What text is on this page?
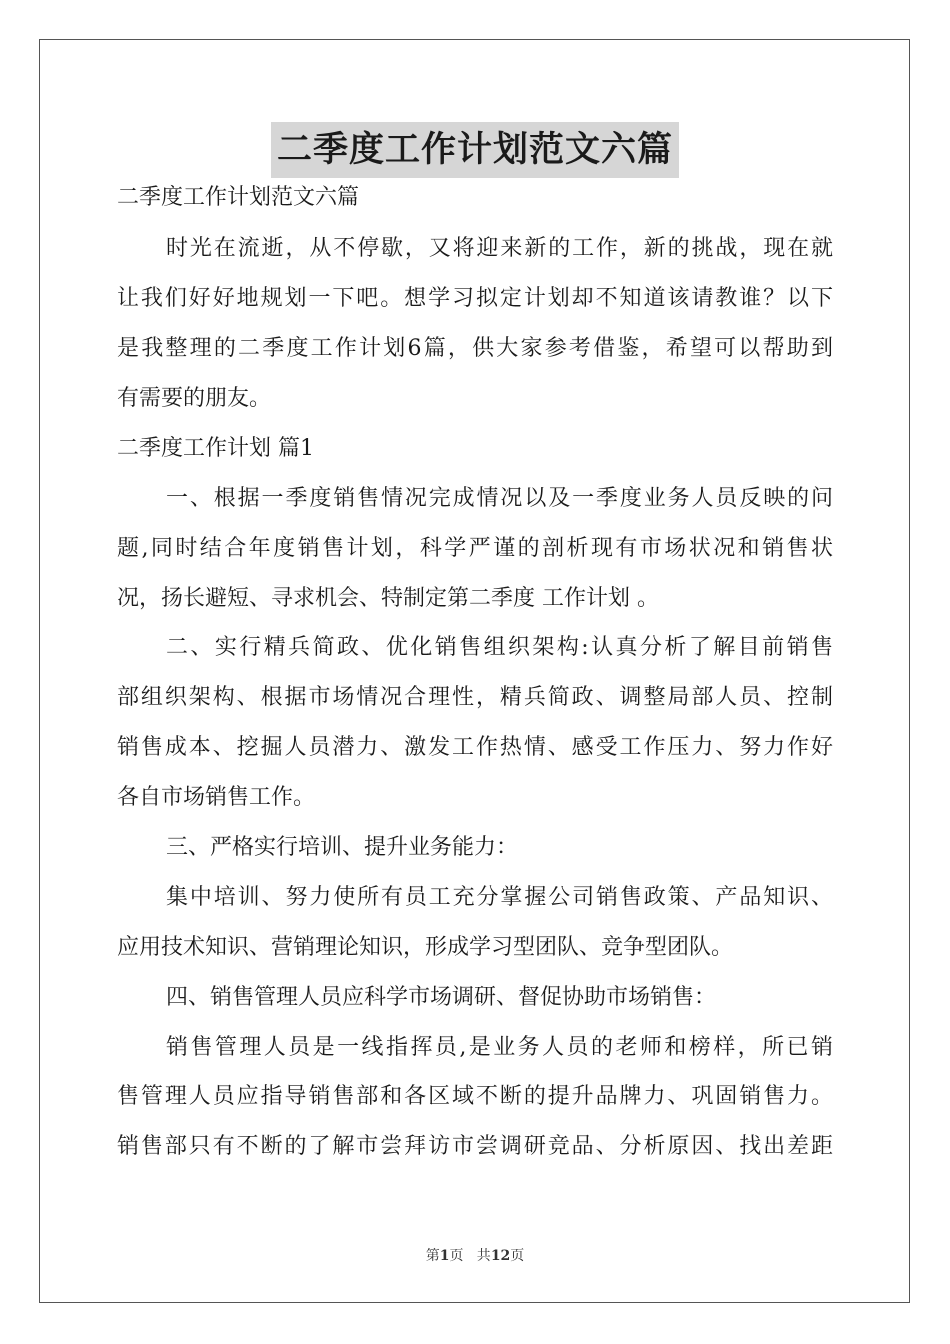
二季度工作计划范文六篇
二季度工作计划范文六篇
时光在流逝，从不停歇，又将迎来新的工作，新的挑战，现在就
让我们好好地规划一下吧。想学习拟定计划却不知道该请教谁？以下
是我整理的二季度工作计划6篇，供大家参考借鉴，希望可以帮助到
有需要的朋友。
二季度工作计划 篇1
一、根据一季度销售情况完成情况以及一季度业务人员反映的问
题,同时结合年度销售计划，科学严谨的剖析现有市场状况和销售状
况，扬长避短、寻求机会、特制定第二季度 工作计划 。
二、实行精兵简政、优化销售组织架构:认真分析了解目前销售
部组织架构、根据市场情况合理性，精兵简政、调整局部人员、控制
销售成本、挖掘人员潜力、激发工作热情、感受工作压力、努力作好
各自市场销售工作。
三、严格实行培训、提升业务能力：
集中培训、努力使所有员工充分掌握公司销售政策、产品知识、
应用技术知识、营销理论知识，形成学习型团队、竞争型团队。
四、销售管理人员应科学市场调研、督促协助市场销售：
销售管理人员是一线指挥员,是业务人员的老师和榜样，所已销
售管理人员应指导销售部和各区域不断的提升品牌力、巩固销售力。
销售部只有不断的了解市尝拜访市尝调研竞品、分析原因、找出差距
第1页   共12页
